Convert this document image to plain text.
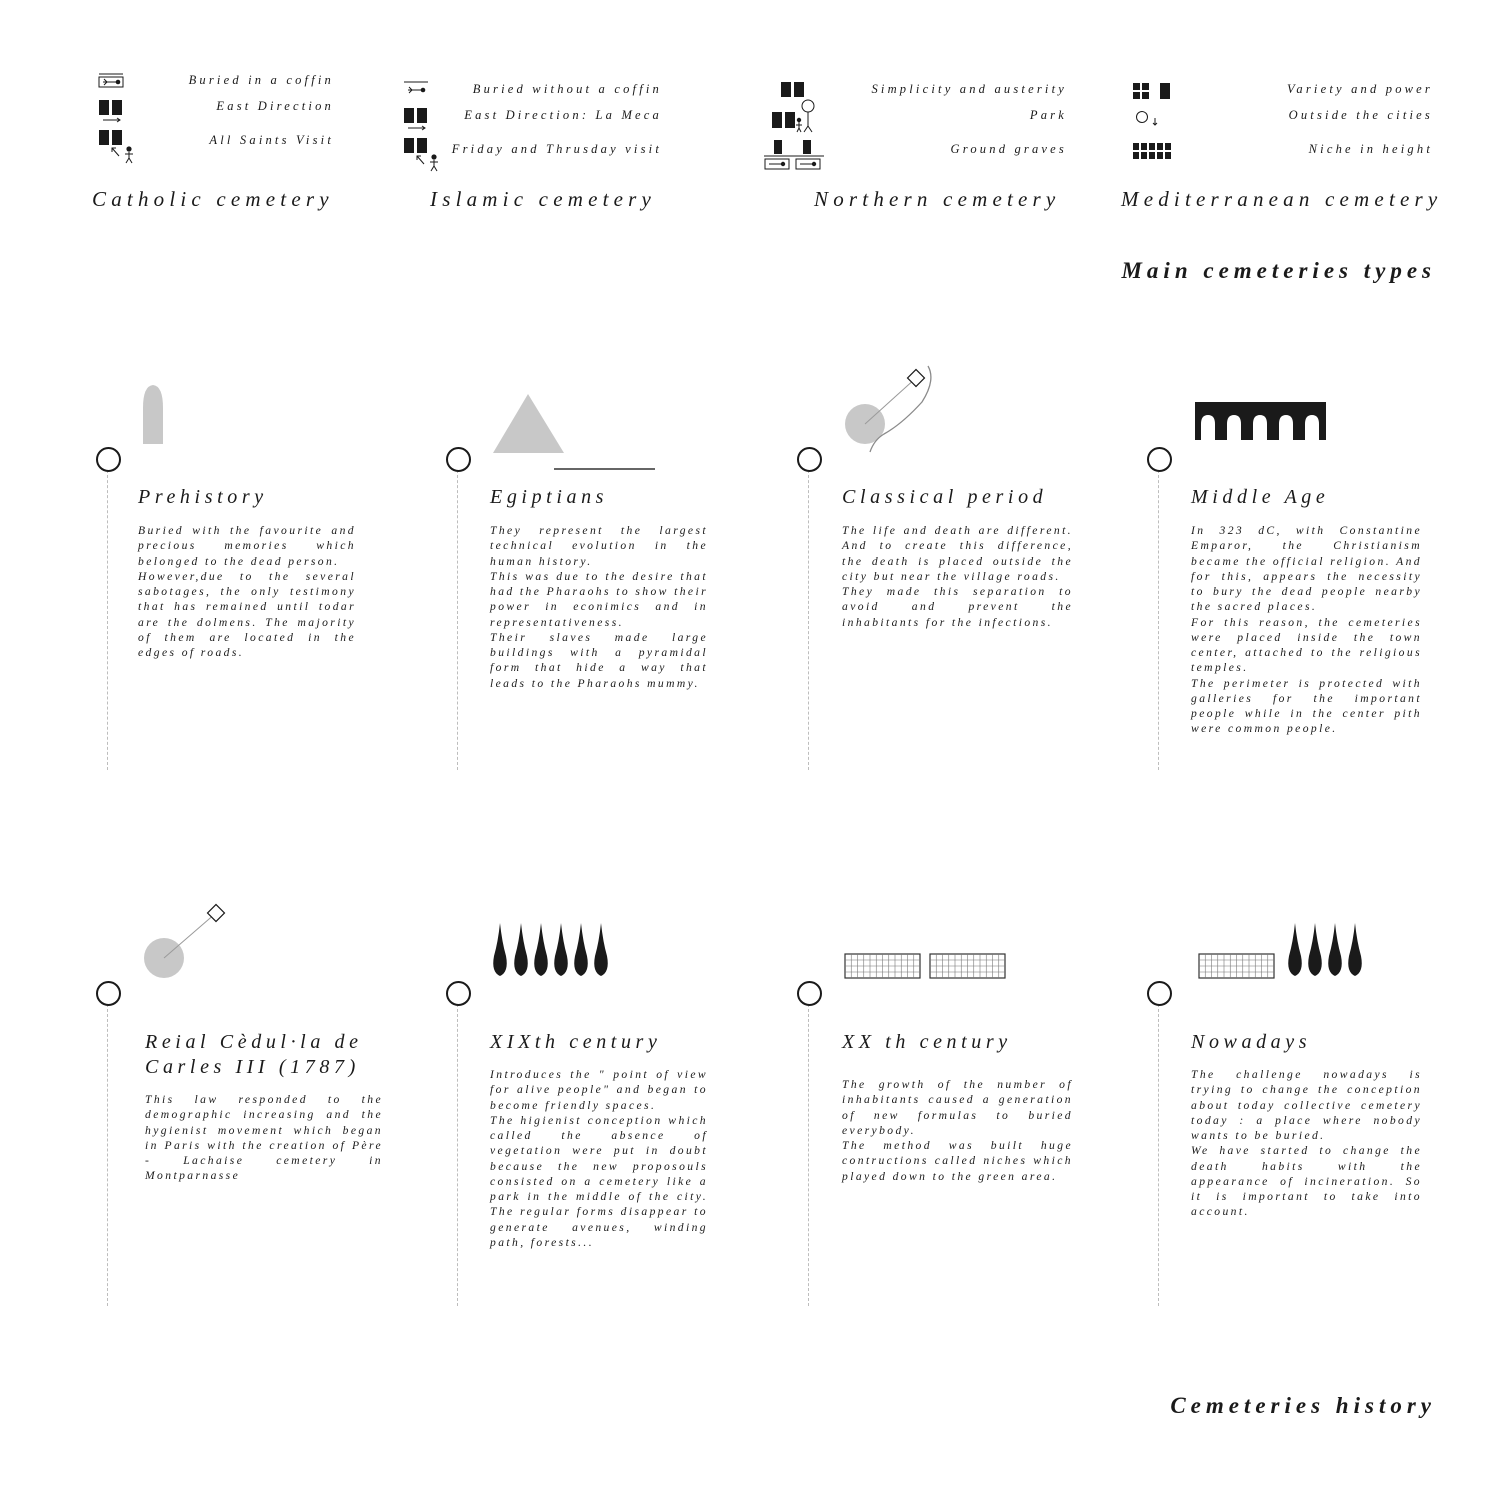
Buried in a coffin
East Direction
All Saints Visit
Catholic cemetery
Buried without a coffin
East Direction: La Meca
Friday and Thrusday visit
Islamic cemetery
Simplicity and austerity
Park
Ground graves
Northern cemetery
Variety and power
Outside the cities
Niche in height
Mediterranean cemetery
Main cemeteries types
Prehistory
Buried with the favourite and precious memories which belonged to the dead person.
However,due to the several sabotages, the only testimony that has remained until todar are the dolmens. The majority of them are located in the edges of roads.
Egiptians
They represent the largest technical evolution in the human history.
This was due to the desire that had the Pharaohs to show their power in econimics and in representativeness.
Their slaves made large buildings with a pyramidal form that hide a way that leads to the Pharaohs mummy.
Classical period
The life and death are different. And to create this difference, the death is placed outside the city but near the village roads.
They made this separation to avoid and prevent the inhabitants for the infections.
Middle Age
In 323 dC, with Constantine Emparor, the Christianism became the official religion. And for this, appears the necessity to bury the dead people nearby the sacred places.
For this reason, the cemeteries were placed inside the town center, attached to the religious temples.
The perimeter is protected with galleries for the important people while in the center pith were common people.
Reial Cèdul·la de Carles III (1787)
This law responded to the demographic increasing and the hygienist movement which began in Paris with the creation of Père - Lachaise cemetery in Montparnasse
XIXth century
Introduces the " point of view for alive people" and began to become friendly spaces.
The higienist conception which called the absence of vegetation were put in doubt because the new proposouls consisted on a cemetery like a park in the middle of the city. The regular forms disappear to generate avenues, winding path, forests...
XX th century
The growth of the number of inhabitants caused a generation of new formulas to buried everybody.
The method was built huge contructions called niches which played down to the green area.
Nowadays
The challenge nowadays is trying to change the conception about today collective cemetery today : a place where nobody wants to be buried.
We have started to change the death habits with the appearance of incineration. So it is important to take into account.
Cemeteries history
